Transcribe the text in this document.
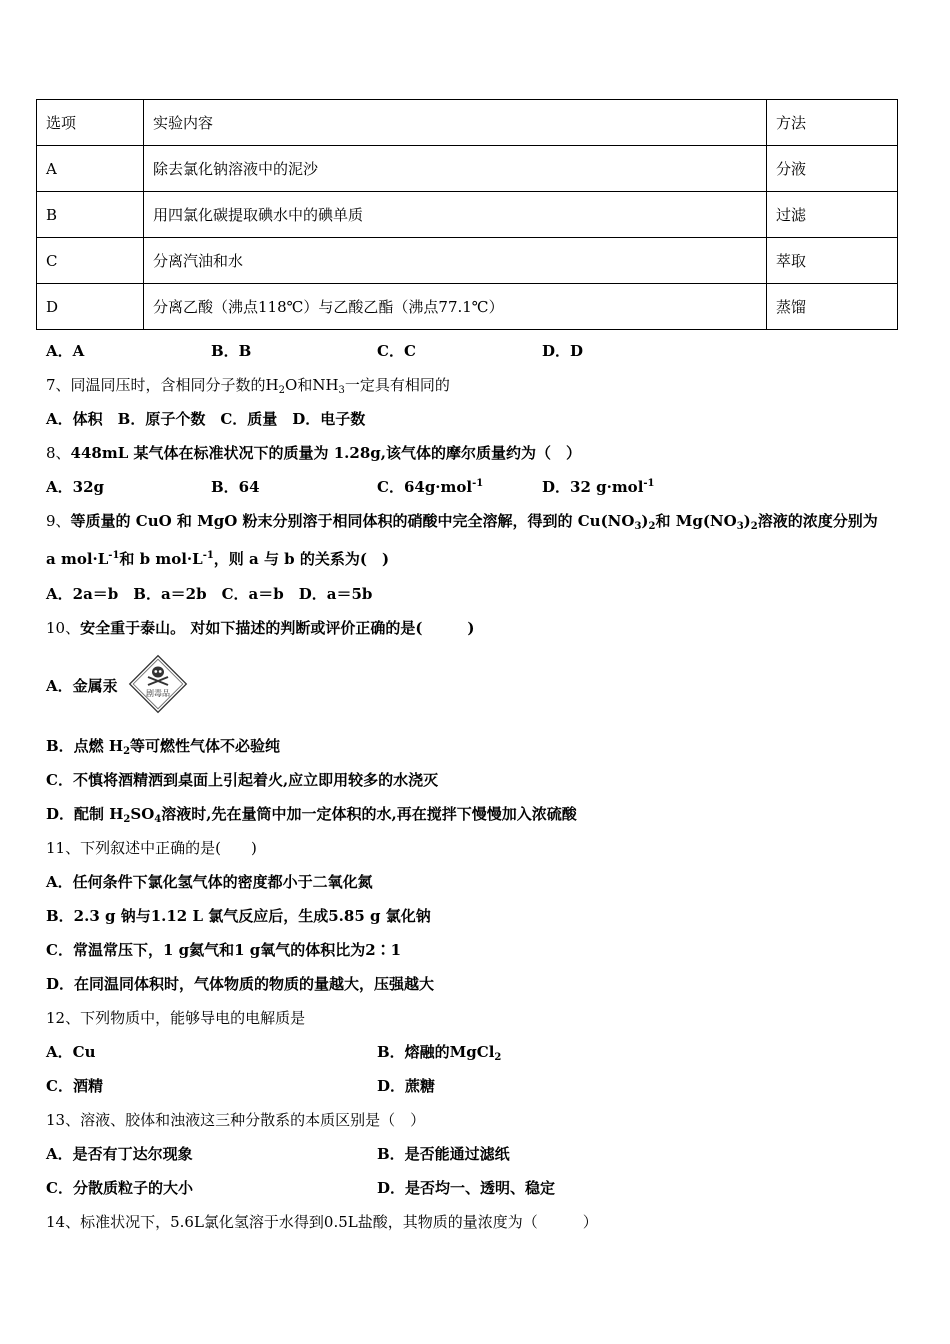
选项	实验内容	方法
A	除去氯化钠溶液中的泥沙	分液
B	用四氯化碳提取碘水中的碘单质	过滤
C	分离汽油和水	萃取
D	分离乙酸（沸点118℃）与乙酸乙酯（沸点77.1℃）	蒸馏
A．A	B．B	C．C	D．D
7、同温同压时，含相同分子数的$H_2O$和$NH_3$一定具有相同的
A．体积　B．原子个数　C．质量　D．电子数
8、448mL 某气体在标准状况下的质量为 1.28g,该气体的摩尔质量约为（　）
A．32g	B．64	C．64g·mol$^{-1}$	D．32 g·mol$^{-1}$
9、等质量的 CuO 和 MgO 粉末分别溶于相同体积的硝酸中完全溶解，得到的 $Cu(NO_3)_2$和 $Mg(NO_3)_2$溶液的浓度分别为
a $mol\cdot L^{-1}$和 b $mol\cdot L^{-1}$，则 a 与 b 的关系为(　)
A．2a＝b　B．a＝2b　C．a＝b　D．a＝5b
10、安全重于泰山。 对如下描述的判断或评价正确的是(　　　)
A．金属汞	剧毒品
B．点燃 $H_2$等可燃性气体不必验纯
C．不慎将酒精洒到桌面上引起着火,应立即用较多的水浇灭
D．配制 $H_2SO_4$溶液时,先在量筒中加一定体积的水,再在搅拌下慢慢加入浓硫酸
11、下列叙述中正确的是(　　)
A．任何条件下氯化氢气体的密度都小于二氧化氮
B．2.3 g 钠与1.12 L 氯气反应后，生成5.85 g 氯化钠
C．常温常压下，1 g氦气和1 g氧气的体积比为2∶1
D．在同温同体积时，气体物质的物质的量越大，压强越大
12、下列物质中，能够导电的电解质是
A．Cu	B．熔融的MgCl$_2$
C．酒精	D．蔗糖
13、溶液、胶体和浊液这三种分散系的本质区别是（　）
A．是否有丁达尔现象	B．是否能通过滤纸
C．分散质粒子的大小	D．是否均一、透明、稳定
14、标准状况下，5.6L氯化氢溶于水得到0.5L盐酸，其物质的量浓度为（　　　）
